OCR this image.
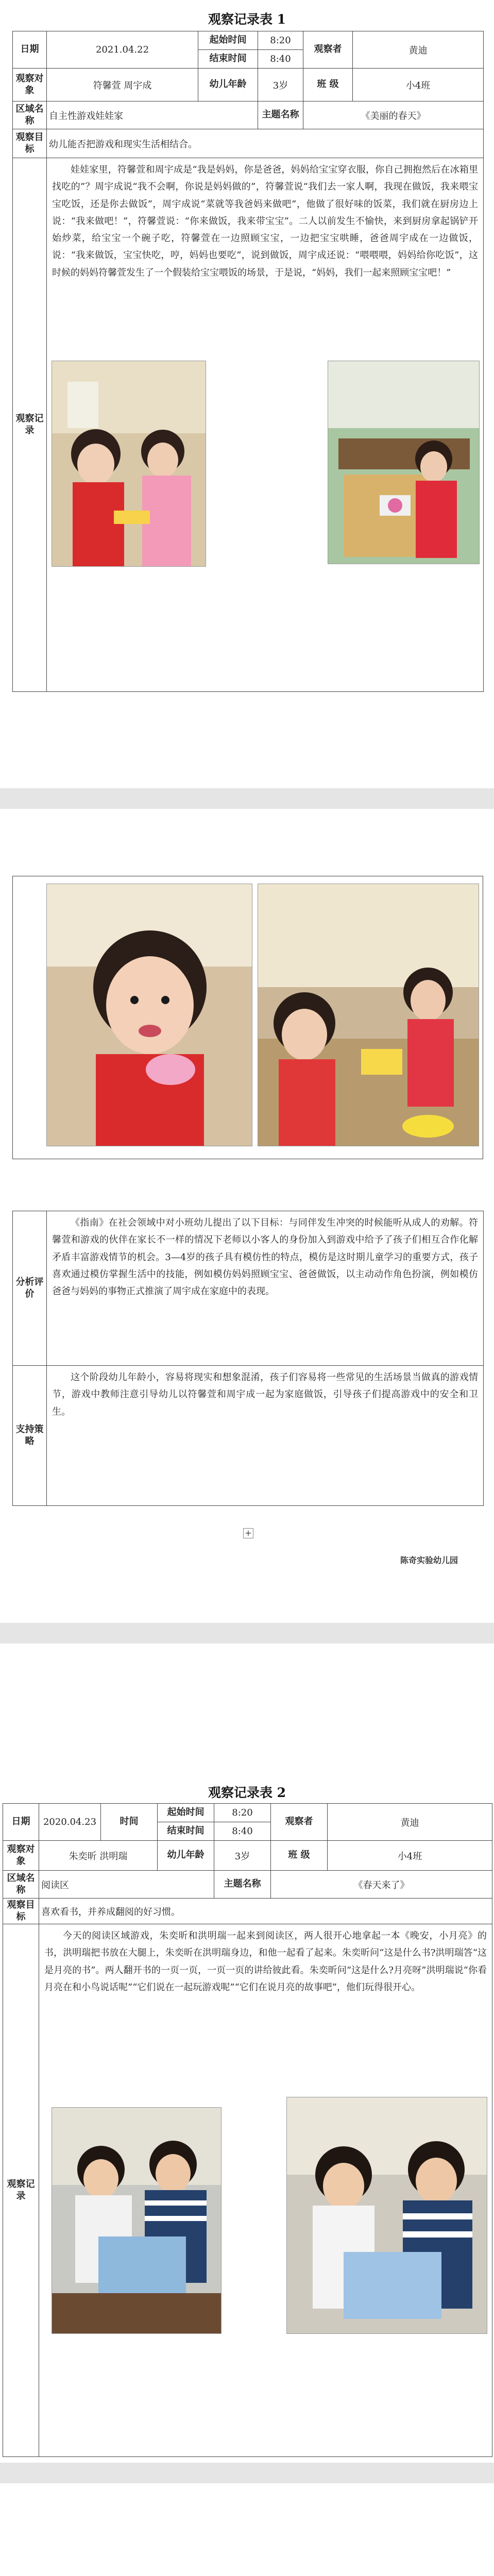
观察记录表 1
日期	2021.04.22	起始时间	8:20	观察者	黄迪
		结束时间	8:40		
观察对象	符馨萱 周宇成	幼儿年龄	3岁	班 级	小4班
区域名称	自主性游戏娃娃家		主题名称	《美丽的春天》	
观察目标	幼儿能否把游戏和现实生活相结合。				
观察记录	娃娃家里，符馨萱和周宇成是“我是妈妈，你是爸爸，妈妈给宝宝穿衣服，你自己拥抱然后在冰箱里找吃的”？周宇成说“我不会啊，你说是妈妈做的”，符馨萱说“我们去一家人啊，我现在做饭，我来喂宝宝吃饭，还是你去做饭”，周宇成说“菜就等我爸妈来做吧”，他做了很好味的饭菜，我们就在厨房边上说：“我来做吧！”，符馨萱说：“你来做饭，我来带宝宝”。二人以前发生不愉快，来到厨房拿起锅铲开始炒菜，给宝宝一个碗子吃，符馨萱在一边照顾宝宝，一边把宝宝哄睡，爸爸周宇成在一边做饭，说：“我来做饭，宝宝快吃，哼，妈妈也要吃”，说到做饭，周宇成还说：“喂喂喂，妈妈给你吃饭”，这时候的妈妈符馨萱发生了一个假装给宝宝喂饭的场景，于是说，“妈妈，我们一起来照顾宝宝吧！”				
分析评价	《指南》在社会领域中对小班幼儿提出了以下目标：与同伴发生冲突的时候能听从成人的劝解。符馨萱和游戏的伙伴在家长不一样的情况下老师以小客人的身份加入到游戏中给予了孩子们相互合作化解矛盾丰富游戏情节的机会。3—4岁的孩子具有模仿性的特点，模仿是这时期儿童学习的重要方式，孩子喜欢通过模仿掌握生活中的技能，例如模仿妈妈照顾宝宝、爸爸做饭，以主动动作角色扮演，例如模仿爸爸与妈妈的事物正式推演了周宇成在家庭中的表现。

支持策略	这个阶段幼儿年龄小，容易将现实和想象混淆，孩子们容易将一些常见的生活场景当做真的游戏情节，游戏中教师注意引导幼儿以符馨萱和周宇成一起为家庭做饭，引导孩子们提高游戏中的安全和卫生。
+
陈奇实验幼儿园
观察记录表 2
日期	2020.04.23	时间	起始时间	8:20	观察者	黄迪
			结束时间	8:40		
观察对象	朱奕昕 洪明瑞		幼儿年龄	3岁	班 级	小4班
区域名称	阅读区			主题名称	《春天来了》	
观察目标	喜欢看书，并养成翻阅的好习惯。					
观察记录	今天的阅读区域游戏，朱奕昕和洪明瑞一起来到阅读区，两人很开心地拿起一本《晚安，小月亮》的书，洪明瑞把书放在大腿上，朱奕昕在洪明瑞身边，和他一起看了起来。朱奕昕问“这是什么书?洪明瑞答“这是月亮的书”。两人翻开书的一页一页，一页一页的讲给彼此看。朱奕昕问“这是什么?月亮呀”洪明瑞说“你看月亮在和小鸟说话呢”“它们说在一起玩游戏呢”“它们在说月亮的故事吧”，他们玩得很开心。					
